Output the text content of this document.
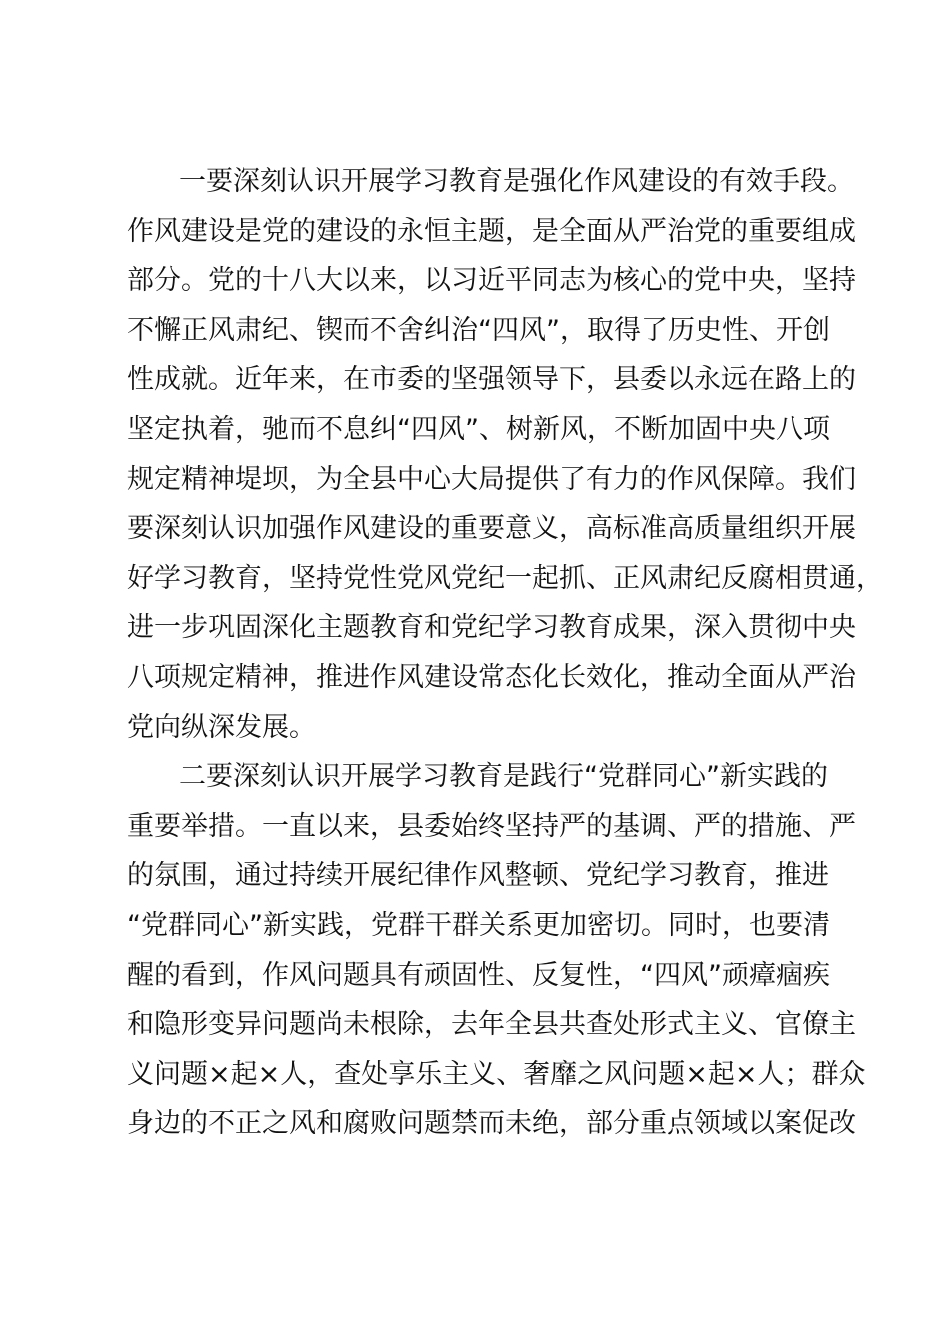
一要深刻认识开展学习教育是强化作风建设的有效手段。
作风建设是党的建设的永恒主题，是全面从严治党的重要组成
部分。党的十八大以来，以习近平同志为核心的党中央，坚持
不懈正风肃纪、锲而不舍纠治“四风”，取得了历史性、开创
性成就。近年来，在市委的坚强领导下，县委以永远在路上的
坚定执着，驰而不息纠“四风”、树新风，不断加固中央八项
规定精神堤坝，为全县中心大局提供了有力的作风保障。我们
要深刻认识加强作风建设的重要意义，高标准高质量组织开展
好学习教育，坚持党性党风党纪一起抓、正风肃纪反腐相贯通，
进一步巩固深化主题教育和党纪学习教育成果，深入贯彻中央
八项规定精神，推进作风建设常态化长效化，推动全面从严治
党向纵深发展。
二要深刻认识开展学习教育是践行“党群同心”新实践的
重要举措。一直以来，县委始终坚持严的基调、严的措施、严
的氛围，通过持续开展纪律作风整顿、党纪学习教育，推进
“党群同心”新实践，党群干群关系更加密切。同时，也要清
醒的看到，作风问题具有顽固性、反复性，“四风”顽瘴痼疾
和隐形变异问题尚未根除，去年全县共查处形式主义、官僚主
义问题×起×人，查处享乐主义、奢靡之风问题×起×人；群众
身边的不正之风和腐败问题禁而未绝，部分重点领域以案促改
